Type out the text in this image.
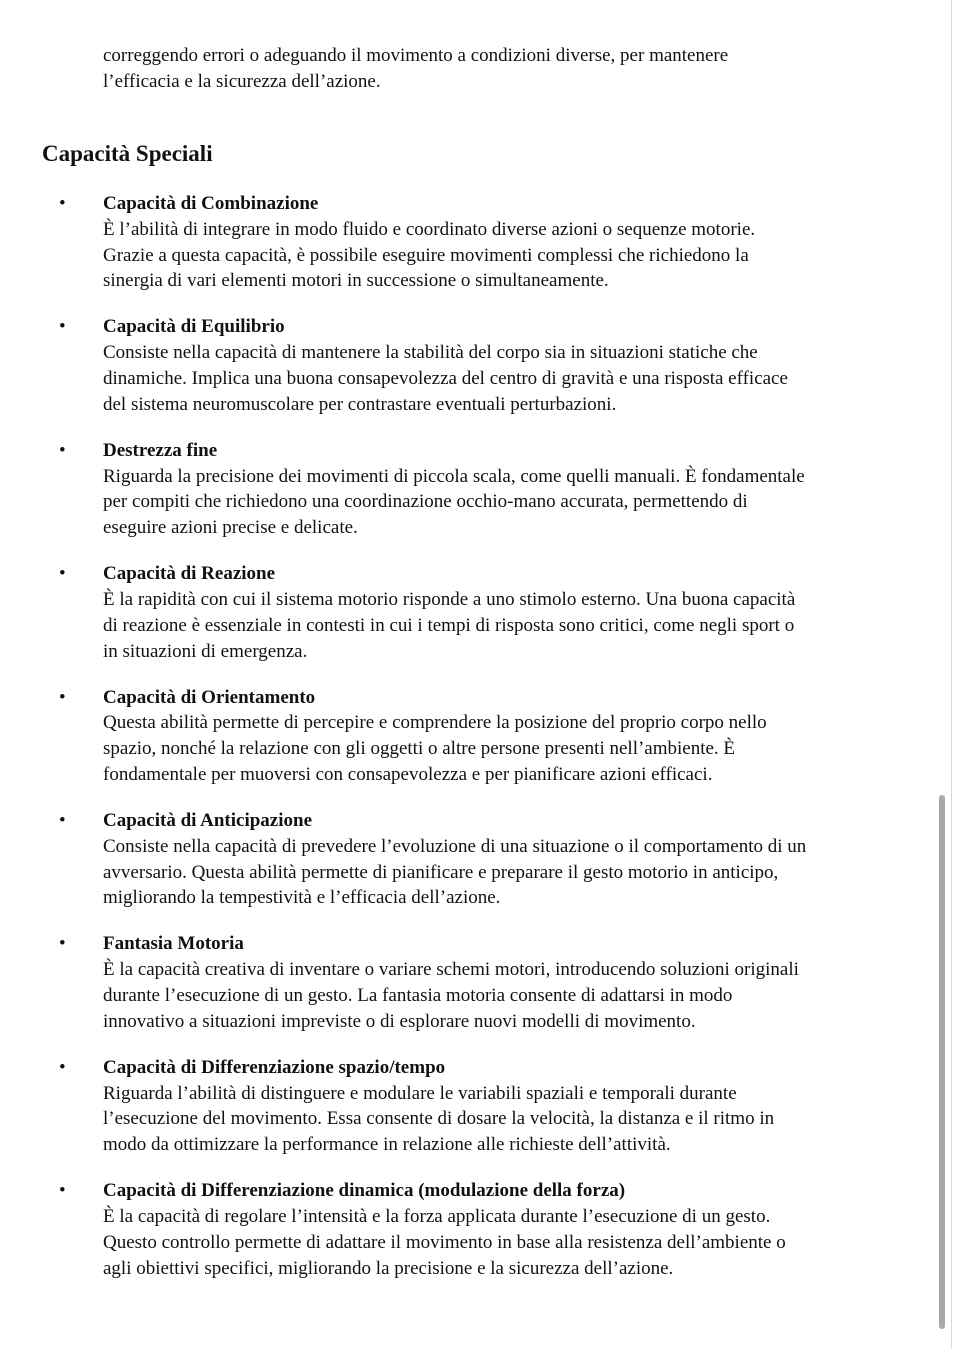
correggendo errori o adeguando il movimento a condizioni diverse, per mantenere
l’efficacia e la sicurezza dell’azione.
Capacità Speciali
• Capacità di Combinazione
È l’abilità di integrare in modo fluido e coordinato diverse azioni o sequenze motorie.
Grazie a questa capacità, è possibile eseguire movimenti complessi che richiedono la
sinergia di vari elementi motori in successione o simultaneamente.
• Capacità di Equilibrio
Consiste nella capacità di mantenere la stabilità del corpo sia in situazioni statiche che
dinamiche. Implica una buona consapevolezza del centro di gravità e una risposta efficace
del sistema neuromuscolare per contrastare eventuali perturbazioni.
• Destrezza fine
Riguarda la precisione dei movimenti di piccola scala, come quelli manuali. È fondamentale
per compiti che richiedono una coordinazione occhio-mano accurata, permettendo di
eseguire azioni precise e delicate.
• Capacità di Reazione
È la rapidità con cui il sistema motorio risponde a uno stimolo esterno. Una buona capacità
di reazione è essenziale in contesti in cui i tempi di risposta sono critici, come negli sport o
in situazioni di emergenza.
• Capacità di Orientamento
Questa abilità permette di percepire e comprendere la posizione del proprio corpo nello
spazio, nonché la relazione con gli oggetti o altre persone presenti nell’ambiente. È
fondamentale per muoversi con consapevolezza e per pianificare azioni efficaci.
• Capacità di Anticipazione
Consiste nella capacità di prevedere l’evoluzione di una situazione o il comportamento di un
avversario. Questa abilità permette di pianificare e preparare il gesto motorio in anticipo,
migliorando la tempestività e l’efficacia dell’azione.
• Fantasia Motoria
È la capacità creativa di inventare o variare schemi motori, introducendo soluzioni originali
durante l’esecuzione di un gesto. La fantasia motoria consente di adattarsi in modo
innovativo a situazioni impreviste o di esplorare nuovi modelli di movimento.
• Capacità di Differenziazione spazio/tempo
Riguarda l’abilità di distinguere e modulare le variabili spaziali e temporali durante
l’esecuzione del movimento. Essa consente di dosare la velocità, la distanza e il ritmo in
modo da ottimizzare la performance in relazione alle richieste dell’attività.
• Capacità di Differenziazione dinamica (modulazione della forza)
È la capacità di regolare l’intensità e la forza applicata durante l’esecuzione di un gesto.
Questo controllo permette di adattare il movimento in base alla resistenza dell’ambiente o
agli obiettivi specifici, migliorando la precisione e la sicurezza dell’azione.
